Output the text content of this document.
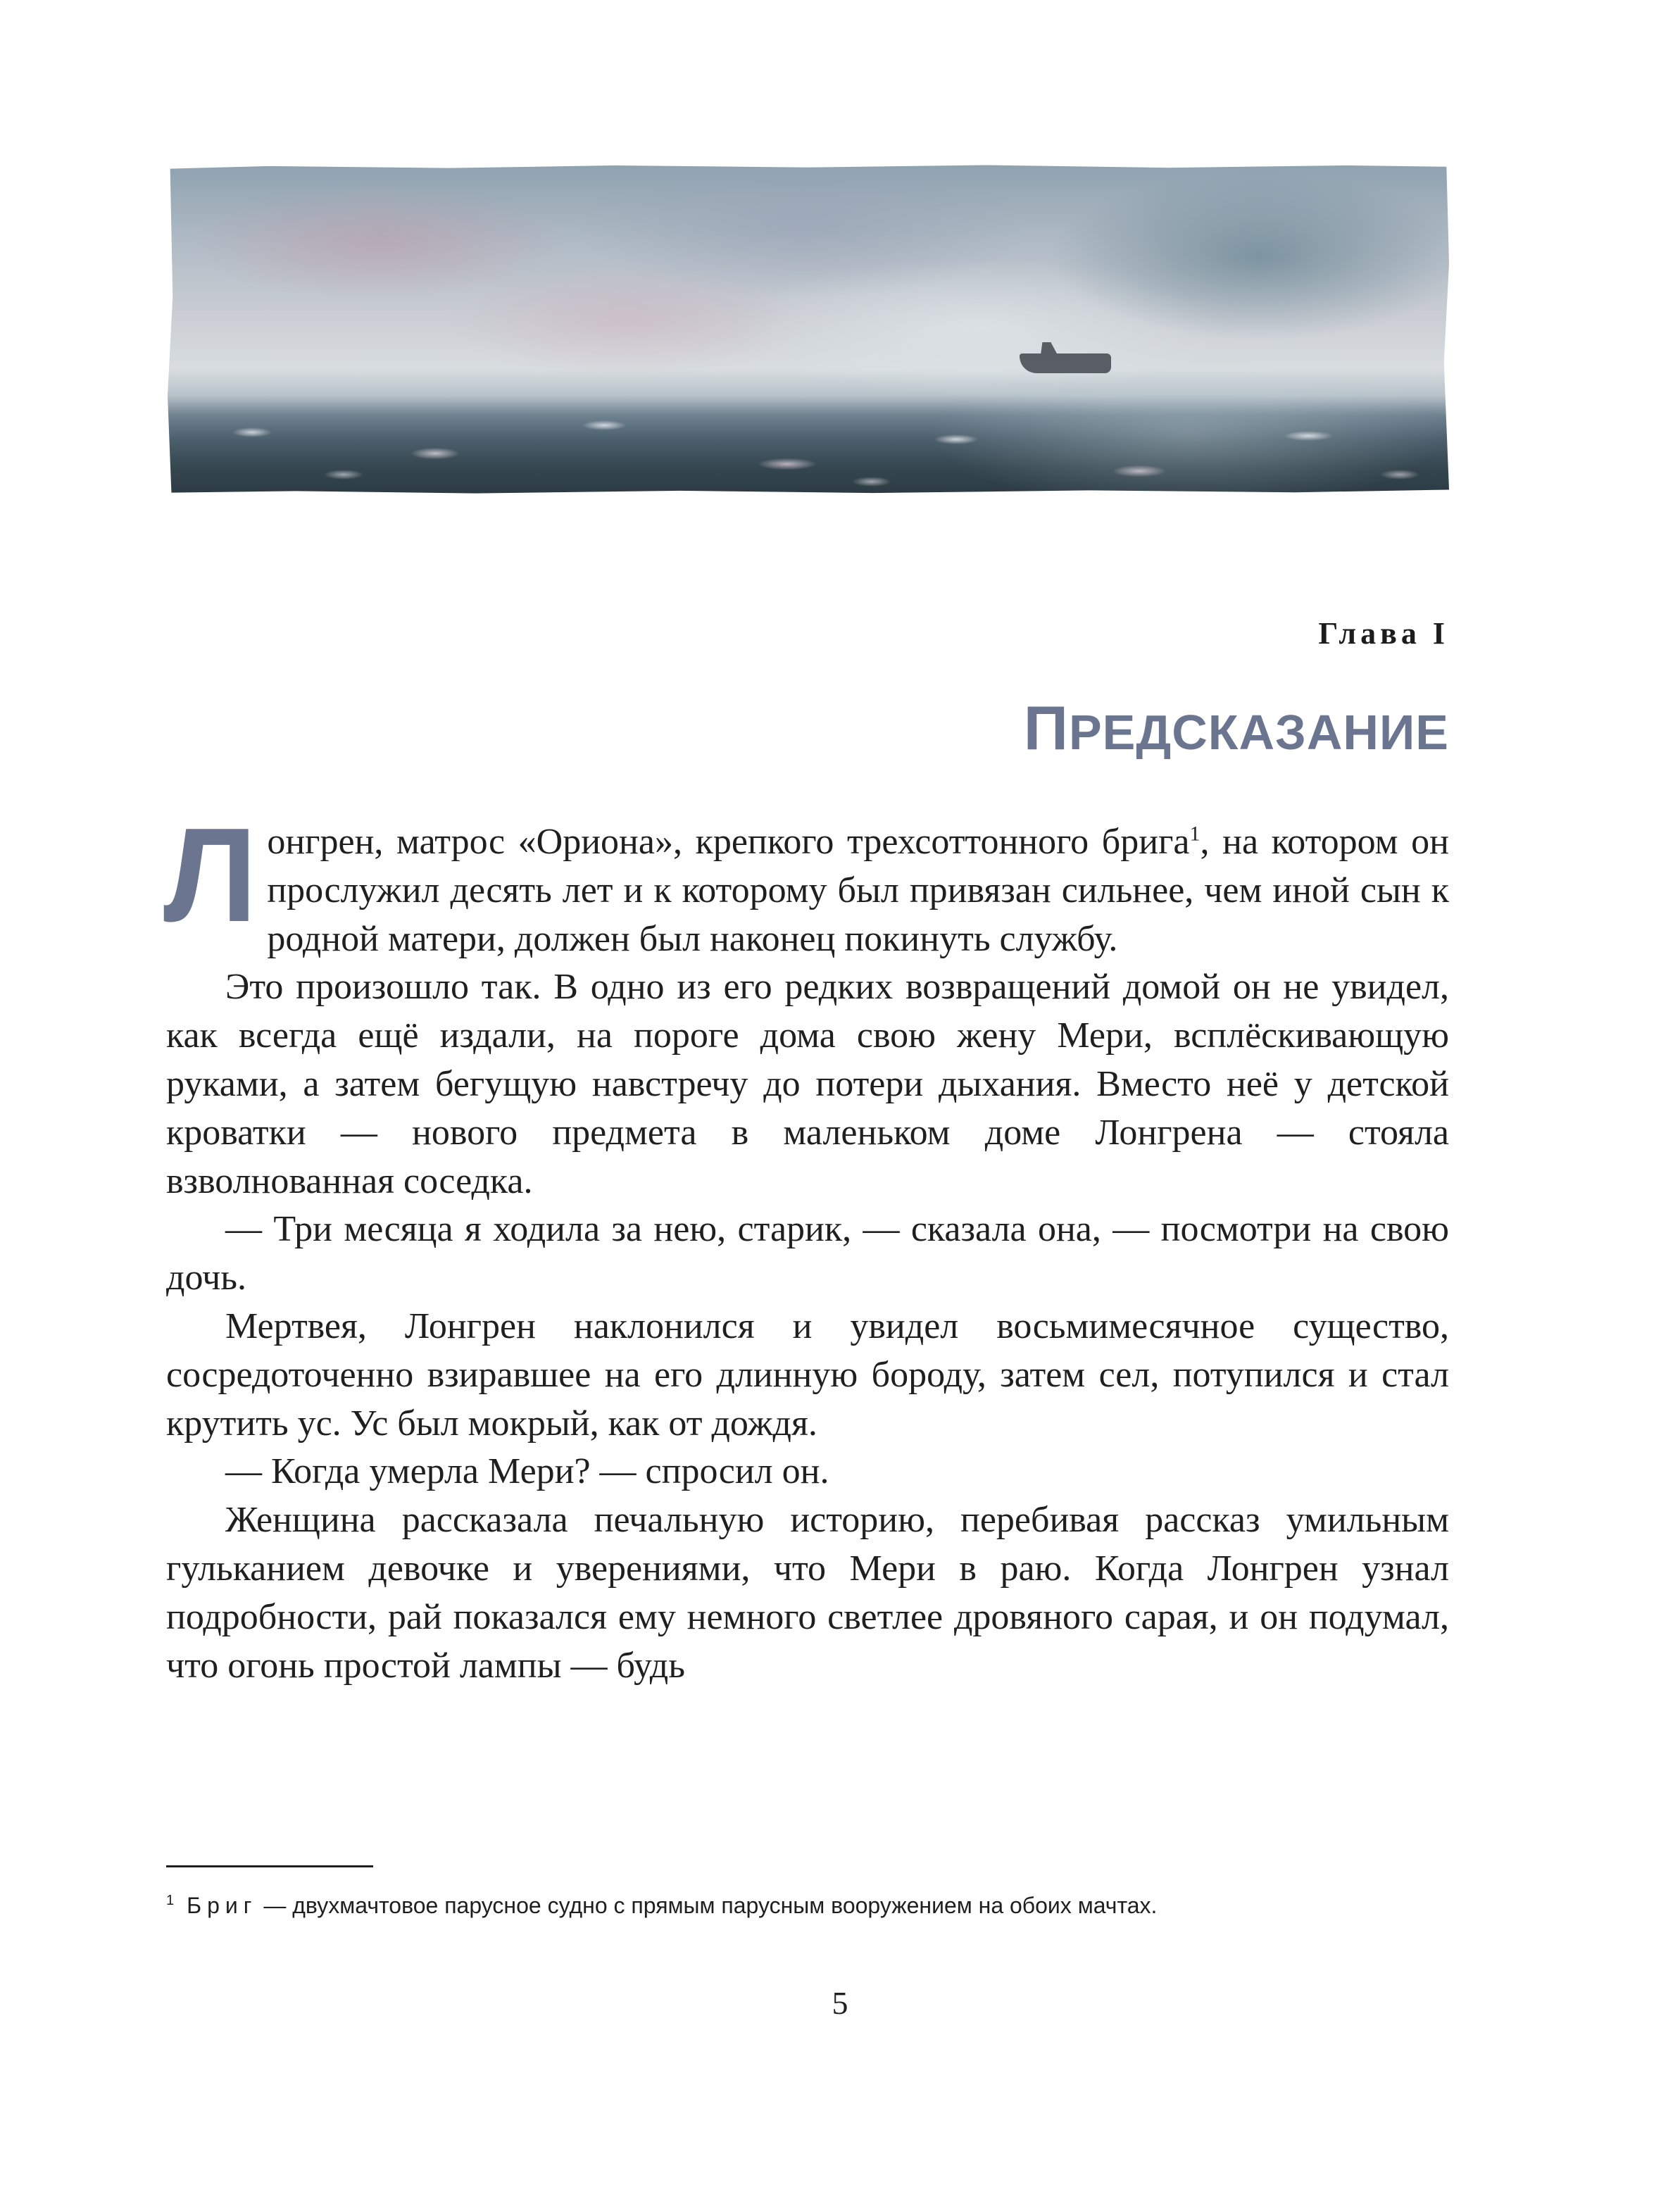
Глава I
ПРЕДСКАЗАНИЕ

Лонгрен, матрос «Ориона», крепкого трехсоттонного брига$^1$, на котором он прослужил десять лет и к которому был привязан сильнее, чем иной сын к родной матери, должен был наконец покинуть службу.

Это произошло так. В одно из его редких возвращений домой он не увидел, как всегда ещё издали, на пороге дома свою жену Мери, всплёскивающую руками, а затем бегущую навстречу до потери дыхания. Вместо неё у детской кроватки — нового предмета в маленьком доме Лонгрена — стояла взволнованная соседка.

— Три месяца я ходила за нею, старик, — сказала она, — посмотри на свою дочь.

Мертвея, Лонгрен наклонился и увидел восьмимесячное существо, сосредоточенно взиравшее на его длинную бороду, затем сел, потупился и стал крутить ус. Ус был мокрый, как от дождя.

— Когда умерла Мери? — спросил он.

Женщина рассказала печальную историю, перебивая рассказ умильным гульканием девочке и уверениями, что Мери в раю. Когда Лонгрен узнал подробности, рай показался ему немного светлее дровяного сарая, и он подумал, что огонь простой лампы — будь

$^1$ Бриг — двухмачтовое парусное судно с прямым парусным вооружением на обоих мачтах.
5
